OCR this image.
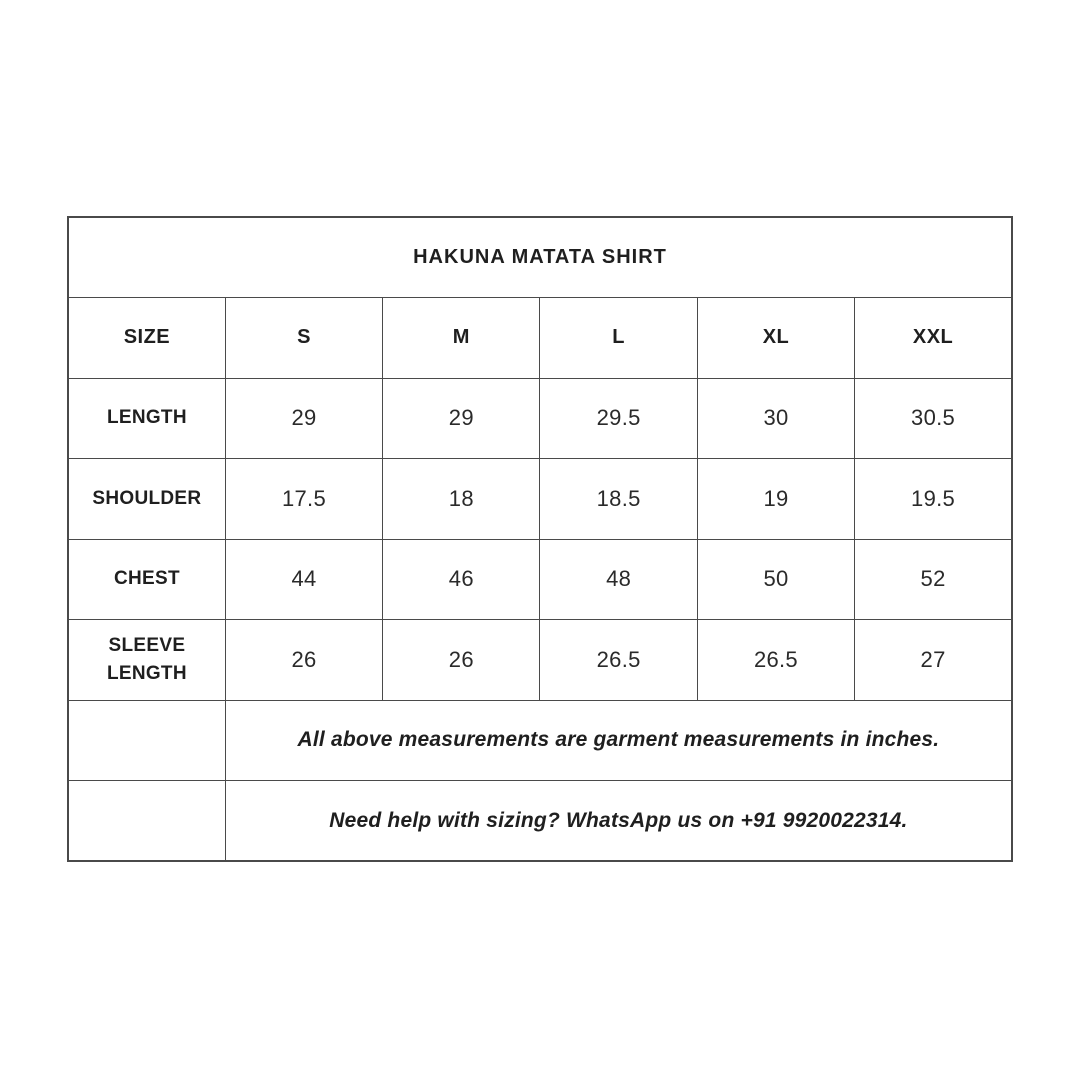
HAKUNA MATATA SHIRT					
SIZE	S	M	L	XL	XXL
LENGTH	29	29	29.5	30	30.5
SHOULDER	17.5	18	18.5	19	19.5
CHEST	44	46	48	50	52
SLEEVE LENGTH	26	26	26.5	26.5	27
	All above measurements are garment measurements in inches.				
	Need help with sizing? WhatsApp us on +91 9920022314.				
